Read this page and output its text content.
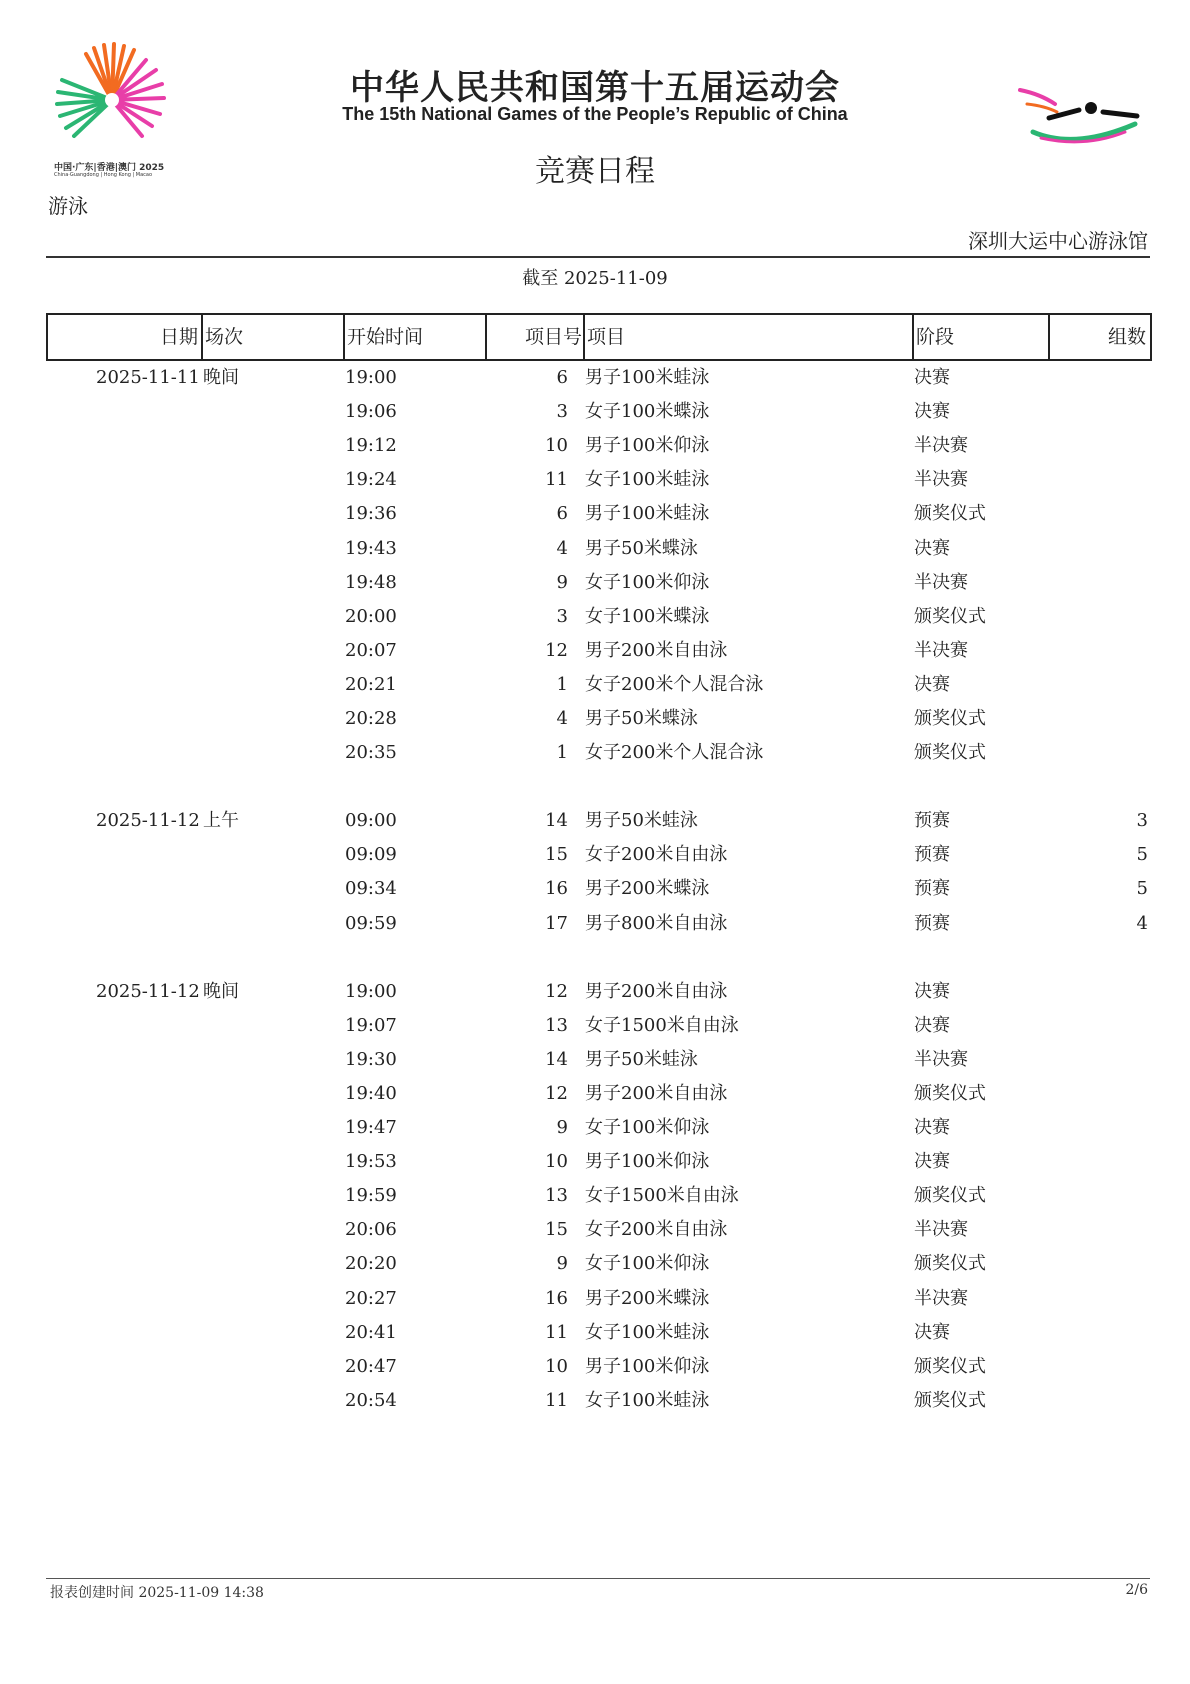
中国·广东|香港|澳门 2025
China·Guangdong | Hong Kong | Macao
游泳
中华人民共和国第十五届运动会
The 15th National Games of the People’s Republic of China
竞赛日程
深圳大运中心游泳馆
截至 2025-11-09
日期 场次	开始时间	项目号 项目	阶段	组数
2025-11-11 晚间	19:00	6 男子100米蛙泳	决赛
19:06	3 女子100米蝶泳	决赛
19:12	10 男子100米仰泳	半决赛
19:24	11 女子100米蛙泳	半决赛
19:36	6 男子100米蛙泳	颁奖仪式
19:43	4 男子50米蝶泳	决赛
19:48	9 女子100米仰泳	半决赛
20:00	3 女子100米蝶泳	颁奖仪式
20:07	12 男子200米自由泳	半决赛
20:21	1 女子200米个人混合泳	决赛
20:28	4 男子50米蝶泳	颁奖仪式
20:35	1 女子200米个人混合泳	颁奖仪式
2025-11-12 上午	09:00	14 男子50米蛙泳	预赛	3
09:09	15 女子200米自由泳	预赛	5
09:34	16 男子200米蝶泳	预赛	5
09:59	17 男子800米自由泳	预赛	4
2025-11-12 晚间	19:00	12 男子200米自由泳	决赛
19:07	13 女子1500米自由泳	决赛
19:30	14 男子50米蛙泳	半决赛
19:40	12 男子200米自由泳	颁奖仪式
19:47	9 女子100米仰泳	决赛
19:53	10 男子100米仰泳	决赛
19:59	13 女子1500米自由泳	颁奖仪式
20:06	15 女子200米自由泳	半决赛
20:20	9 女子100米仰泳	颁奖仪式
20:27	16 男子200米蝶泳	半决赛
20:41	11 女子100米蛙泳	决赛
20:47	10 男子100米仰泳	颁奖仪式
20:54	11 女子100米蛙泳	颁奖仪式
报表创建时间 2025-11-09 14:38	2/6
